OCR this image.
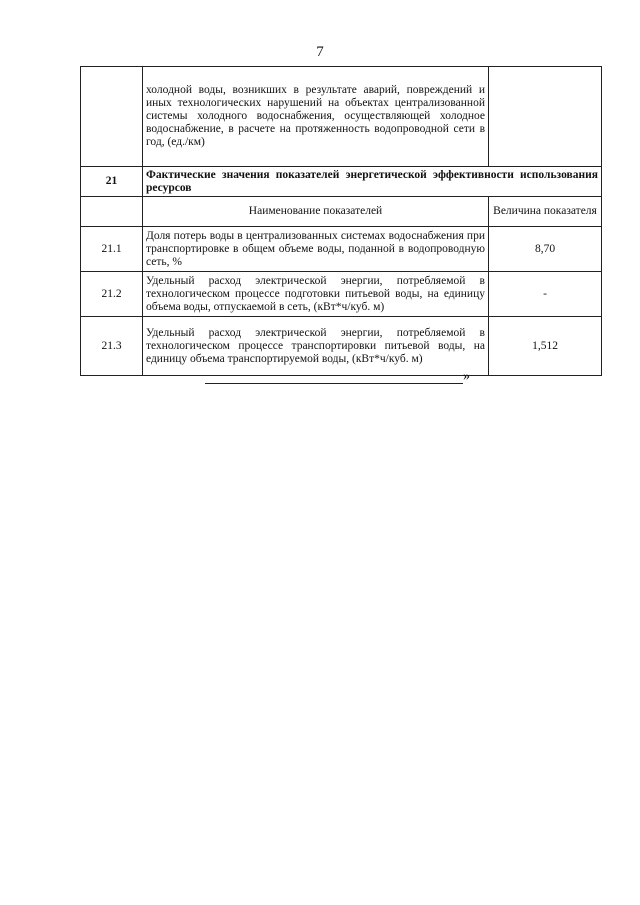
7
	холодной воды, возникших в результате аварий, повреждений и иных технологических нарушений на объектах централизованной системы холодного водоснабжения, осуществляющей холодное водоснабжение, в расчете на протяженность водопроводной сети в год, (ед./км)	
21	Фактические значения показателей энергетической эффективности использования ресурсов	
	Наименование показателей	Величина показателя
21.1	Доля потерь воды в централизованных системах водоснабжения при транспортировке в общем объеме воды, поданной в водопроводную сеть, %	8,70
21.2	Удельный расход электрической энергии, потребляемой в технологическом процессе подготовки питьевой воды, на единицу объема воды, отпускаемой в сеть, (кВт*ч/куб. м)	-
21.3	Удельный расход электрической энергии, потребляемой в технологическом процессе транспортировки питьевой воды, на единицу объема транспортируемой воды, (кВт*ч/куб. м)	1,512
»
